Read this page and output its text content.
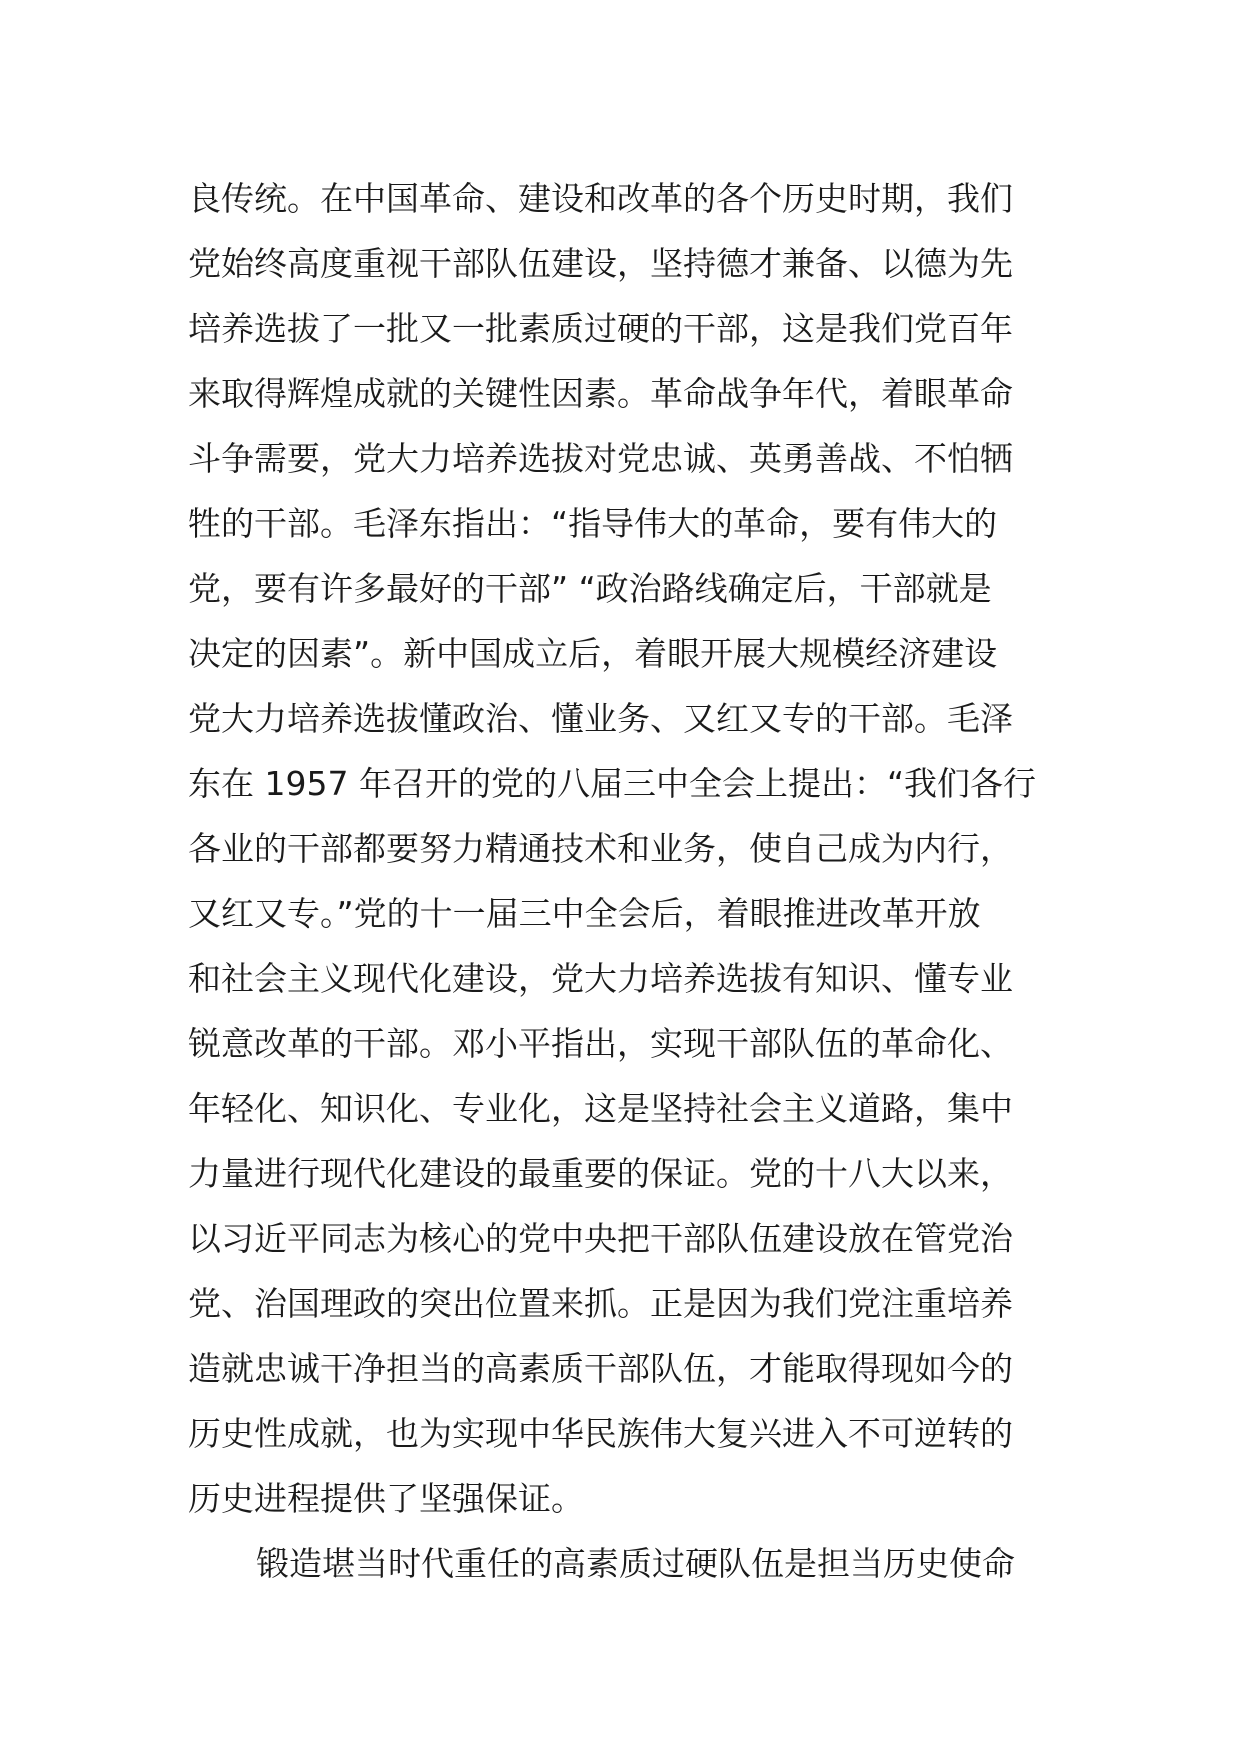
良传统。在中国革命、建设和改革的各个历史时期，我们
党始终高度重视干部队伍建设，坚持德才兼备、以德为先
培养选拔了一批又一批素质过硬的干部，这是我们党百年
来取得辉煌成就的关键性因素。革命战争年代，着眼革命
斗争需要，党大力培养选拔对党忠诚、英勇善战、不怕牺
牲的干部。毛泽东指出：“指导伟大的革命，要有伟大的
党，要有许多最好的干部” “政治路线确定后，干部就是
决定的因素”。新中国成立后，着眼开展大规模经济建设
党大力培养选拔懂政治、懂业务、又红又专的干部。毛泽
东在 1957 年召开的党的八届三中全会上提出：“我们各行
各业的干部都要努力精通技术和业务，使自己成为内行，
又红又专。”党的十一届三中全会后，着眼推进改革开放
和社会主义现代化建设，党大力培养选拔有知识、懂专业
锐意改革的干部。邓小平指出，实现干部队伍的革命化、
年轻化、知识化、专业化，这是坚持社会主义道路，集中
力量进行现代化建设的最重要的保证。党的十八大以来，
以习近平同志为核心的党中央把干部队伍建设放在管党治
党、治国理政的突出位置来抓。正是因为我们党注重培养
造就忠诚干净担当的高素质干部队伍，才能取得现如今的
历史性成就，也为实现中华民族伟大复兴进入不可逆转的
历史进程提供了坚强保证。
锻造堪当时代重任的高素质过硬队伍是担当历史使命
